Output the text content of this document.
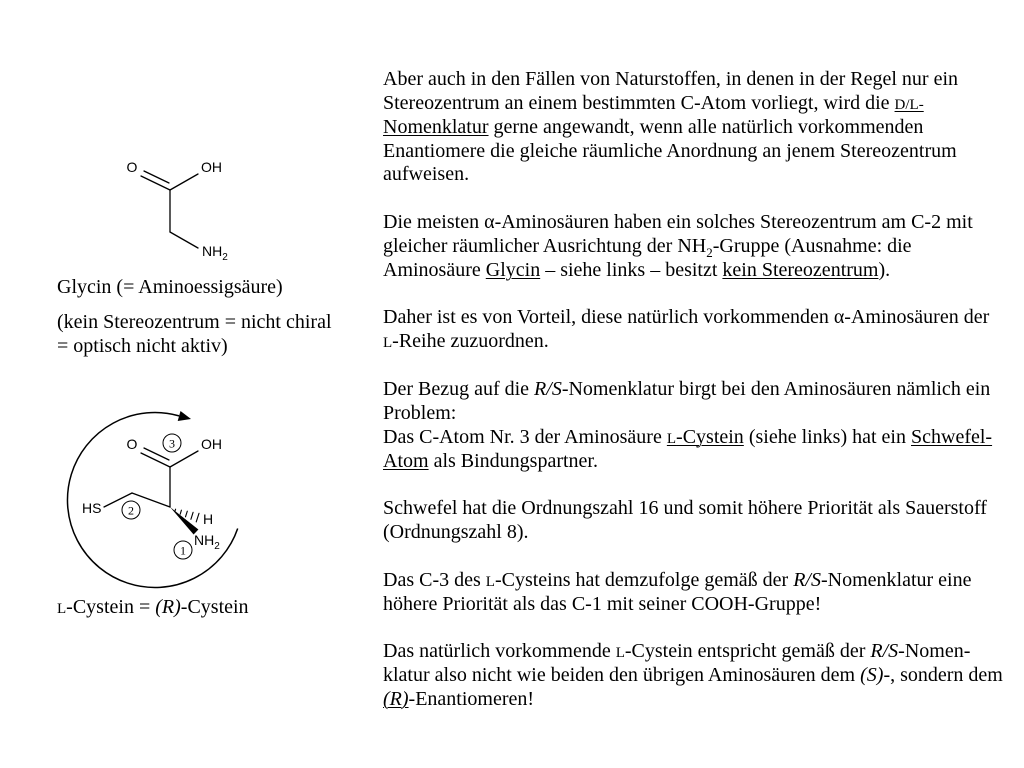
O	OH
$NH_2$
O	OH
HS
H
$NH_2$
3
2
1
Glycin (= Aminoessigsäure)
(kein Stereozentrum = nicht chiral = optisch nicht aktiv)
L-Cystein = (R)-Cystein
Aber auch in den Fällen von Naturstoffen, in denen in der Regel nur ein
Stereozentrum an einem bestimmten C-Atom vorliegt, wird die D/L-
Nomenklatur gerne angewandt, wenn alle natürlich vorkommenden
Enantiomere die gleiche räumliche Anordnung an jenem Stereozentrum
aufweisen.
Die meisten α-Aminosäuren haben ein solches Stereozentrum am C-2 mit
gleicher räumlicher Ausrichtung der $NH_2$-Gruppe (Ausnahme: die
Aminosäure Glycin – siehe links – besitzt kein Stereozentrum).
Daher ist es von Vorteil, diese natürlich vorkommenden α-Aminosäuren der
L-Reihe zuzuordnen.
Der Bezug auf die R/S-Nomenklatur birgt bei den Aminosäuren nämlich ein
Problem:
Das C-Atom Nr. 3 der Aminosäure L-Cystein (siehe links) hat ein Schwefel-
Atom als Bindungspartner.
Schwefel hat die Ordnungszahl 16 und somit höhere Priorität als Sauerstoff
(Ordnungszahl 8).
Das C-3 des L-Cysteins hat demzufolge gemäß der R/S-Nomenklatur eine
höhere Priorität als das C-1 mit seiner COOH-Gruppe!
Das natürlich vorkommende L-Cystein entspricht gemäß der R/S-Nomen-
klatur also nicht wie beiden den übrigen Aminosäuren dem (S)-, sondern dem
(R)-Enantiomeren!
